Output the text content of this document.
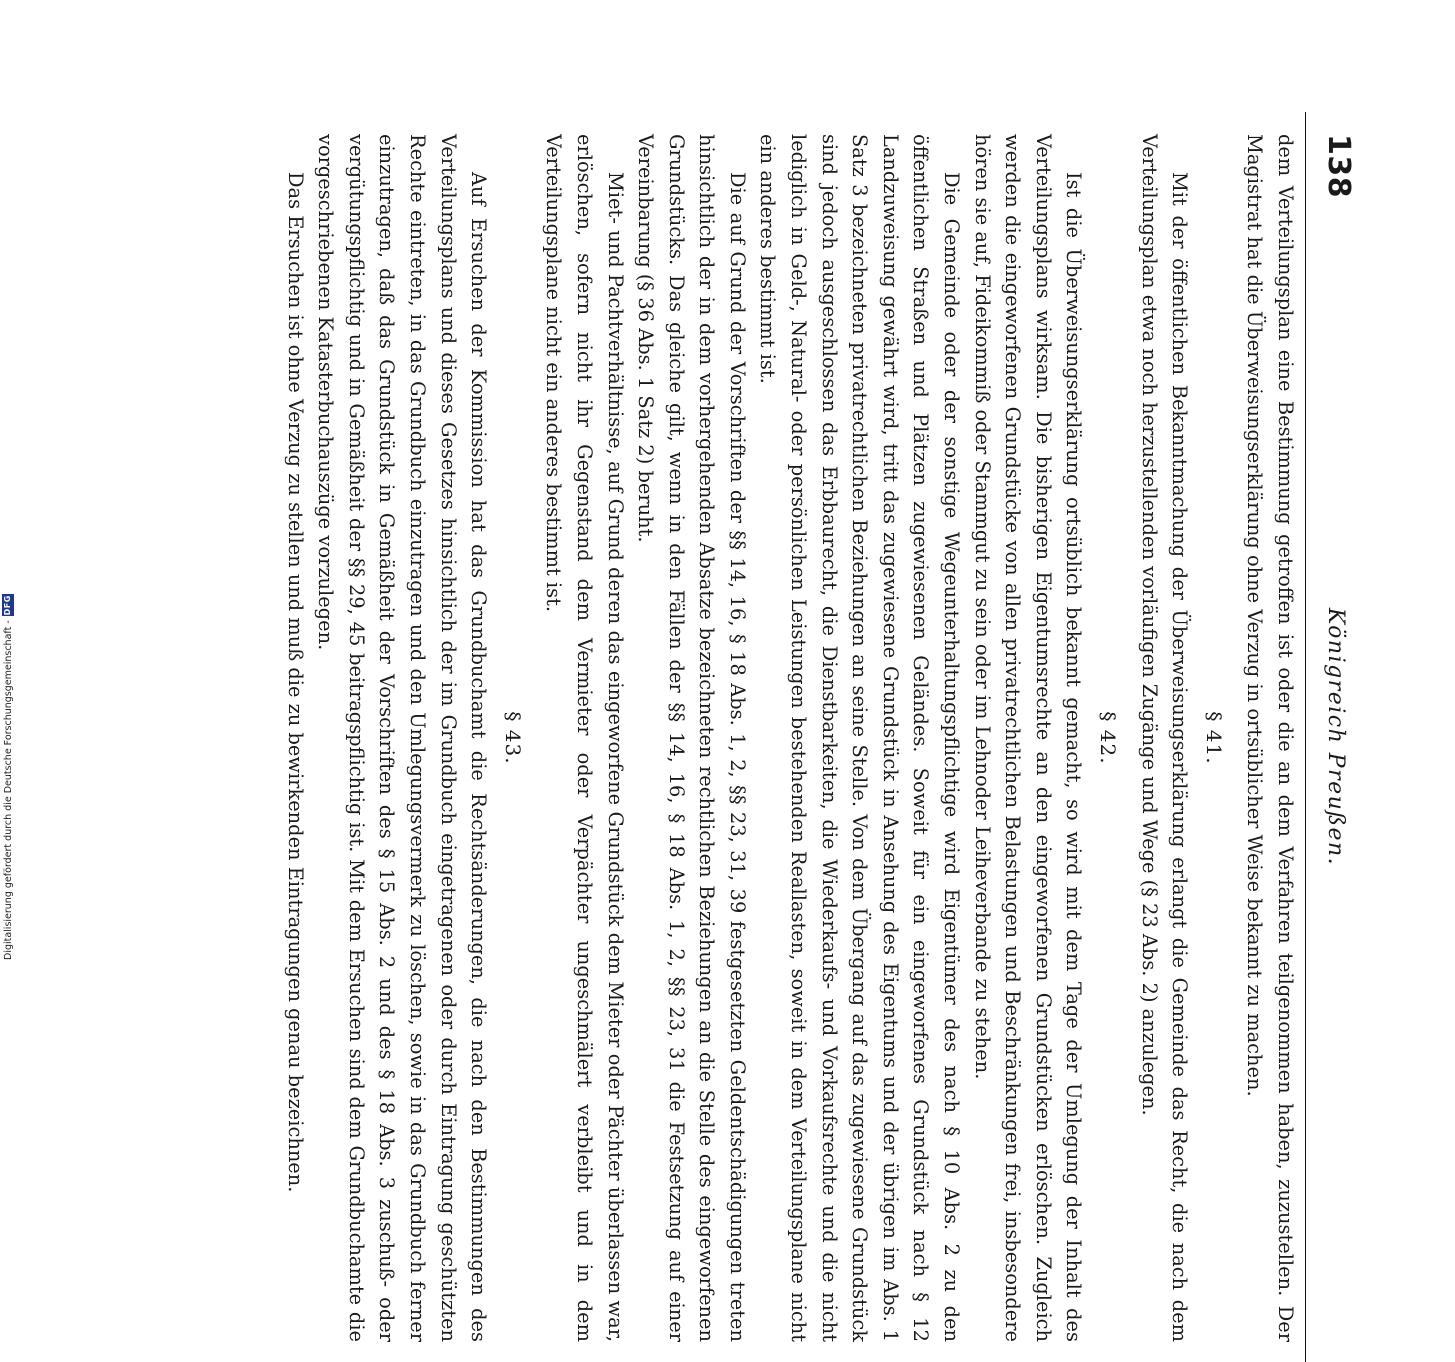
138
Königreich Preußen.

dem Verteilungsplan eine Bestimmung getroffen ist oder die an dem Verfahren teilgenommen haben, zuzustellen. Der Magistrat hat die Überweisungserklärung ohne Verzug in ortsüblicher Weise bekannt zu machen.

§ 41.

Mit der öffentlichen Bekanntmachung der Überweisungserklärung erlangt die Gemeinde das Recht, die nach dem Verteilungsplan etwa noch herzustellenden vorläufigen Zugänge und Wege (§ 23 Abs. 2) anzulegen.

§ 42.

Ist die Überweisungserklärung ortsüblich bekannt gemacht, so wird mit dem Tage der Umlegung der Inhalt des Verteilungsplans wirksam. Die bisherigen Eigentumsrechte an den eingeworfenen Grundstücken erlöschen. Zugleich werden die eingeworfenen Grundstücke von allen privatrechtlichen Belastungen und Beschränkungen frei, insbesondere hören sie auf, Fideikommiß oder Stammgut zu sein oder im Lehnoder Leiheverbande zu stehen.

Die Gemeinde oder der sonstige Wegeunterhaltungspflichtige wird Eigentümer des nach § 10 Abs. 2 zu den öffentlichen Straßen und Plätzen zugewiesenen Geländes. Soweit für ein eingeworfenes Grundstück nach § 12 Landzuweisung gewährt wird, tritt das zugewiesene Grundstück in Ansehung des Eigentums und der übrigen im Abs. 1 Satz 3 bezeichneten privatrechtlichen Beziehungen an seine Stelle. Von dem Übergang auf das zugewiesene Grundstück sind jedoch ausgeschlossen das Erbbaurecht, die Dienstbarkeiten, die Wiederkaufs- und Vorkaufsrechte und die nicht lediglich in Geld-, Natural- oder persönlichen Leistungen bestehenden Reallasten, soweit in dem Verteilungsplane nicht ein anderes bestimmt ist.

Die auf Grund der Vorschriften der §§ 14, 16, § 18 Abs. 1, 2, §§ 23, 31, 39 festgesetzten Geldentschädigungen treten hinsichtlich der in dem vorhergehenden Absatze bezeichneten rechtlichen Beziehungen an die Stelle des eingeworfenen Grundstücks. Das gleiche gilt, wenn in den Fällen der §§ 14, 16, § 18 Abs. 1, 2, §§ 23, 31 die Festsetzung auf einer Vereinbarung (§ 36 Abs. 1 Satz 2) beruht.

Miet- und Pachtverhältnisse, auf Grund deren das eingeworfene Grundstück dem Mieter oder Pächter überlassen war, erlöschen, sofern nicht ihr Gegenstand dem Vermieter oder Verpächter ungeschmälert verbleibt und in dem Verteilungsplane nicht ein anderes bestimmt ist.

§ 43.

Auf Ersuchen der Kommission hat das Grundbuchamt die Rechtsänderungen, die nach den Bestimmungen des Verteilungsplans und dieses Gesetzes hinsichtlich der im Grundbuch eingetragenen oder durch Eintragung geschützten Rechte eintreten, in das Grundbuch einzutragen und den Umlegungsvermerk zu löschen, sowie in das Grundbuch ferner einzutragen, daß das Grundstück in Gemäßheit der Vorschriften des § 15 Abs. 2 und des § 18 Abs. 3 zuschuß- oder vergütungspflichtig und in Gemäßheit der §§ 29, 45 beitragspflichtig ist. Mit dem Ersuchen sind dem Grundbuchamte die vorgeschriebenen Katasterbuchauszüge vorzulegen.

Das Ersuchen ist ohne Verzug zu stellen und muß die zu bewirkenden Eintragungen genau bezeichnen.

Digitalisierung gefördert durch die Deutsche Forschungsgemeinschaft -
DFG
